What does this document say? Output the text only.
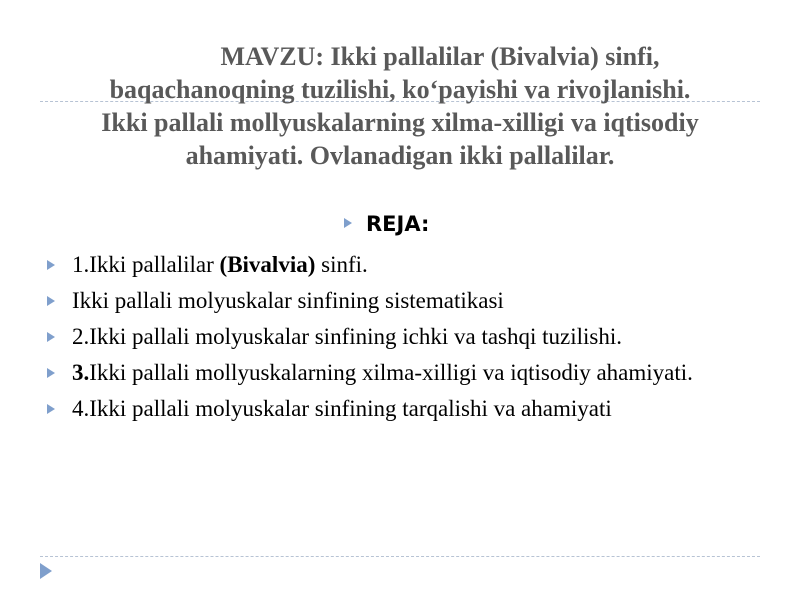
MAVZU: Ikki pallalilar (Bivalvia) sinfi,
baqachanoqning tuzilishi, ko‘payishi va rivojlanishi.
Ikki pallali mollyuskalarning xilma-xilligi va iqtisodiy
ahamiyati. Ovlanadigan ikki pallalilar.
REJA:
1.Ikki pallalilar (Bivalvia) sinfi.
Ikki pallali molyuskalar sinfining sistematikasi
2.Ikki pallali molyuskalar sinfining ichki va tashqi tuzilishi.
3.Ikki pallali mollyuskalarning xilma-xilligi va iqtisodiy ahamiyati.
4.Ikki pallali molyuskalar sinfining tarqalishi va ahamiyati
